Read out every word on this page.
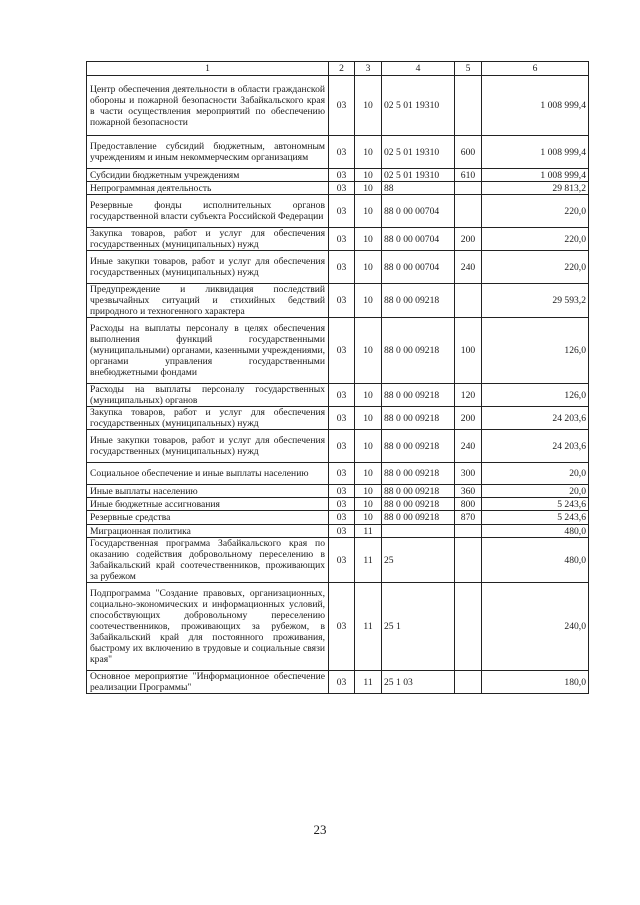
1	2	3	4	5	6
Центр обеспечения деятельности в области гражданской обороны и пожарной безопасности Забайкальского края в части осуществления мероприятий по обеспечению пожарной безопасности	03	10	02 5 01 19310		1 008 999,4
Предоставление субсидий бюджетным, автономным учреждениям и иным некоммерческим организациям	03	10	02 5 01 19310	600	1 008 999,4
Субсидии бюджетным учреждениям	03	10	02 5 01 19310	610	1 008 999,4
Непрограммная деятельность	03	10	88		29 813,2
Резервные фонды исполнительных органов государственной власти субъекта Российской Федерации	03	10	88 0 00 00704		220,0
Закупка товаров, работ и услуг для обеспечения государственных (муниципальных) нужд	03	10	88 0 00 00704	200	220,0
Иные закупки товаров, работ и услуг для обеспечения государственных (муниципальных) нужд	03	10	88 0 00 00704	240	220,0
Предупреждение и ликвидация последствий чрезвычайных ситуаций и стихийных бедствий природного и техногенного характера	03	10	88 0 00 09218		29 593,2
Расходы на выплаты персоналу в целях обеспечения выполнения функций государственными (муниципальными) органами, казенными учреждениями, органами управления государственными внебюджетными фондами	03	10	88 0 00 09218	100	126,0
Расходы на выплаты персоналу государственных (муниципальных) органов	03	10	88 0 00 09218	120	126,0
Закупка товаров, работ и услуг для обеспечения государственных (муниципальных) нужд	03	10	88 0 00 09218	200	24 203,6
Иные закупки товаров, работ и услуг для обеспечения государственных (муниципальных) нужд	03	10	88 0 00 09218	240	24 203,6
Социальное обеспечение и иные выплаты населению	03	10	88 0 00 09218	300	20,0
Иные выплаты населению	03	10	88 0 00 09218	360	20,0
Иные бюджетные ассигнования	03	10	88 0 00 09218	800	5 243,6
Резервные средства	03	10	88 0 00 09218	870	5 243,6
Миграционная политика	03	11			480,0
Государственная программа Забайкальского края по оказанию содействия добровольному переселению в Забайкальский край соотечественников, проживающих за рубежом	03	11	25		480,0
Подпрограмма "Создание правовых, организационных, социально-экономических и информационных условий, способствующих добровольному переселению соотечественников, проживающих за рубежом, в Забайкальский край для постоянного проживания, быстрому их включению в трудовые и социальные связи края"	03	11	25 1		240,0
Основное мероприятие "Информационное обеспечение реализации Программы"	03	11	25 1 03		180,0
23
